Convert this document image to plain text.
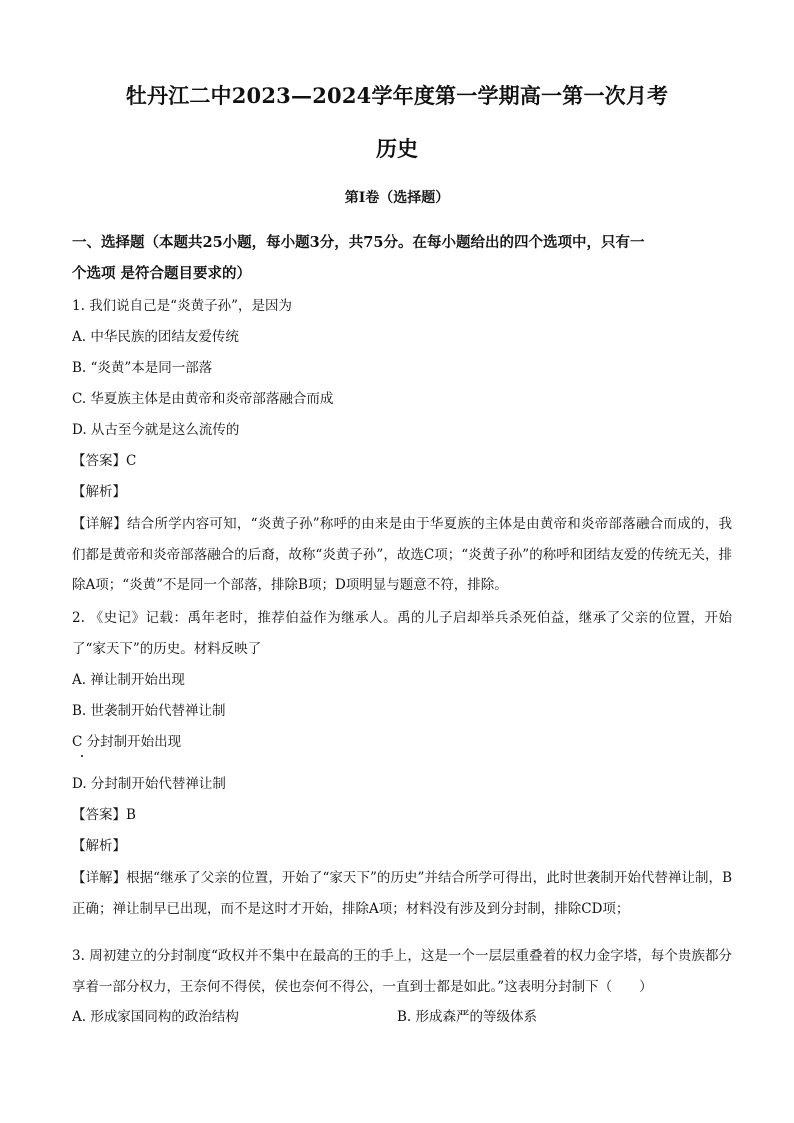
牡丹江二中2023—2024学年度第一学期高一第一次月考
历史
第Ⅰ卷（选择题）
一、选择题（本题共25小题，每小题3分，共75分。在每小题给出的四个选项中，只有一
个选项 是符合题目要求的）
1. 我们说自己是“炎黄子孙”，是因为
A. 中华民族的团结友爱传统
B. “炎黄”本是同一部落
C. 华夏族主体是由黄帝和炎帝部落融合而成
D. 从古至今就是这么流传的
【答案】C
【解析】
【详解】结合所学内容可知，“炎黄子孙”称呼的由来是由于华夏族的主体是由黄帝和炎帝部落融合而成的，我们都是黄帝和炎帝部落融合的后裔，故称“炎黄子孙”，故选C项；“炎黄子孙”的称呼和团结友爱的传统无关，排除A项；“炎黄”不是同一个部落，排除B项；D项明显与题意不符，排除。
2. 《史记》记载：禹年老时，推荐伯益作为继承人。禹的儿子启却举兵杀死伯益，继承了父亲的位置，开始了“家天下”的历史。材料反映了
A. 禅让制开始出现
B. 世袭制开始代替禅让制
C 分封制开始出现
D. 分封制开始代替禅让制
【答案】B
【解析】
【详解】根据“继承了父亲的位置，开始了“家天下”的历史”并结合所学可得出，此时世袭制开始代替禅让制，B正确；禅让制早已出现，而不是这时才开始，排除A项；材料没有涉及到分封制，排除CD项；
3. 周初建立的分封制度“政权并不集中在最高的王的手上，这是一个一层层重叠着的权力金字塔，每个贵族都分享着一部分权力，王奈何不得侯，侯也奈何不得公，一直到士都是如此。”这表明分封制下（　　）
A. 形成家国同构的政治结构	B. 形成森严的等级体系
